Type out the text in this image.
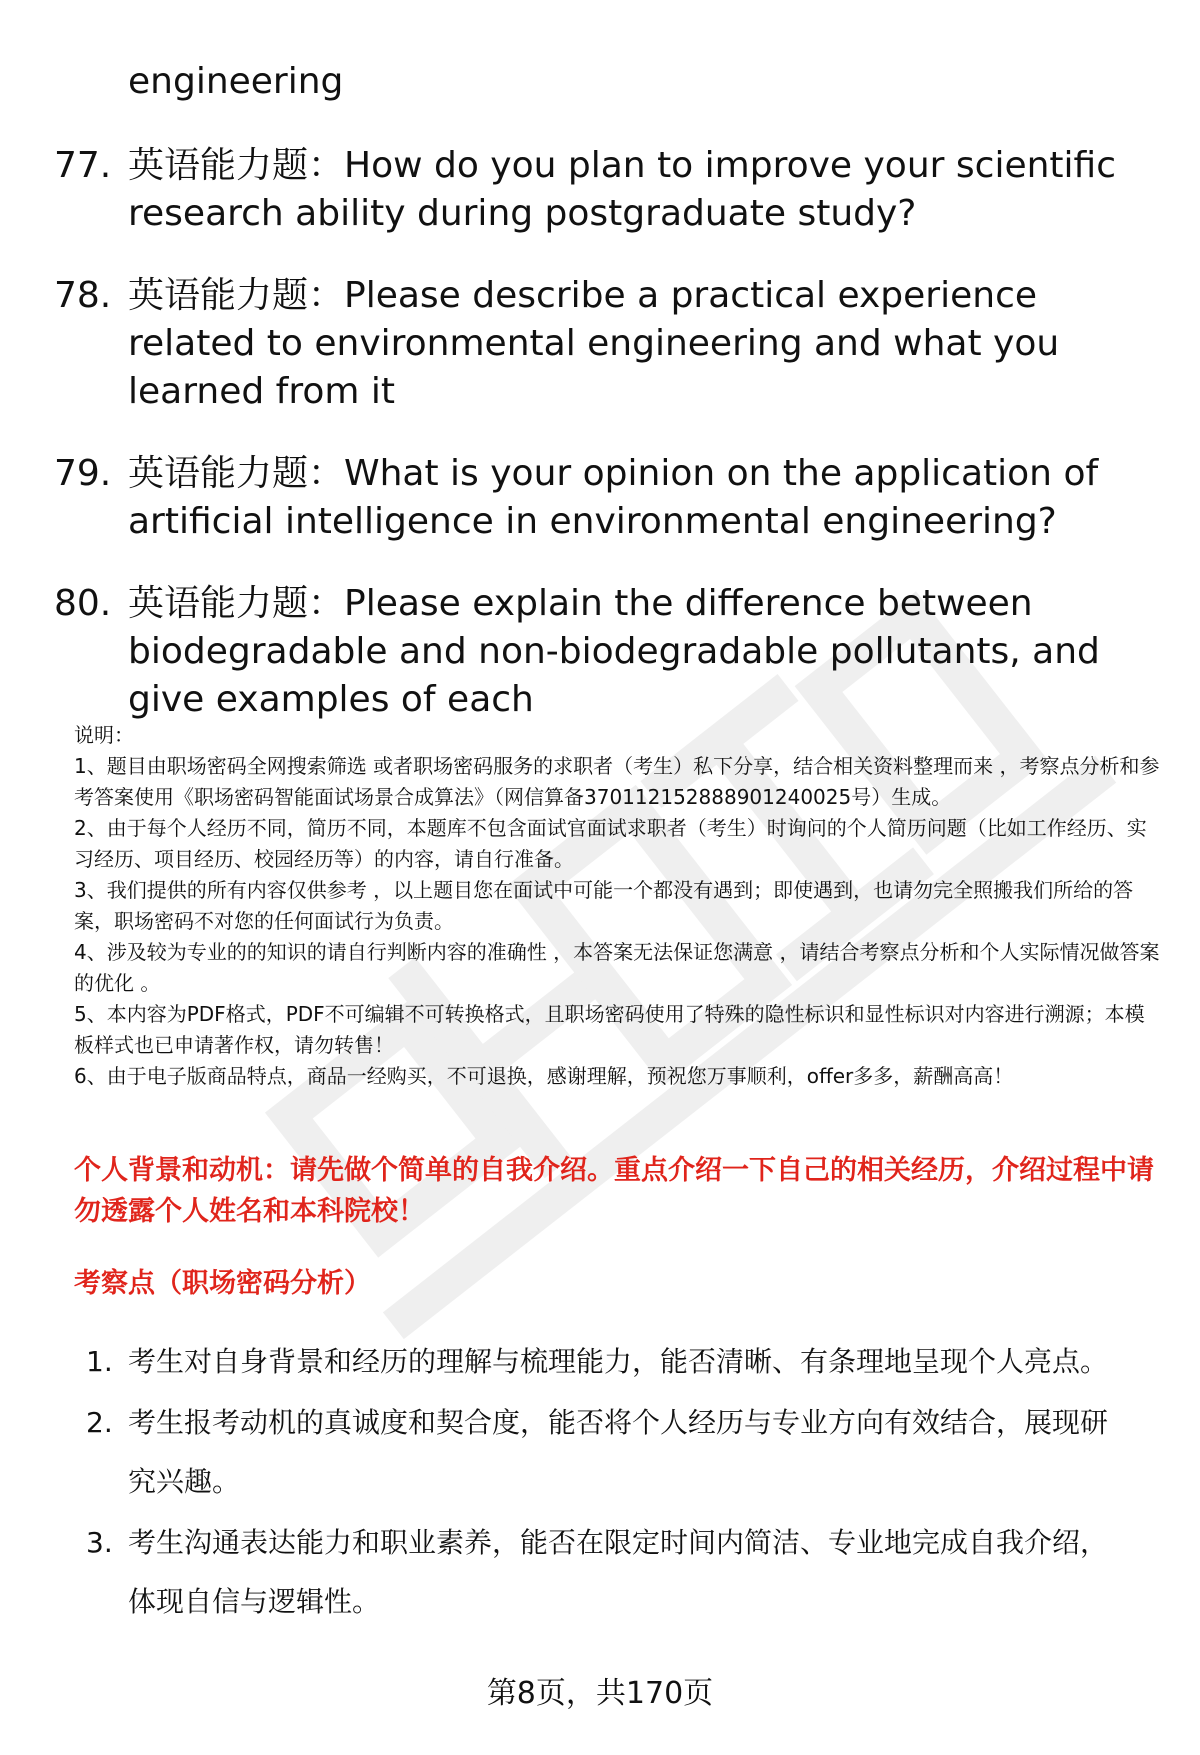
engineering
77. 英语能力题：How do you plan to improve your scientific research ability during postgraduate study?
78. 英语能力题：Please describe a practical experience related to environmental engineering and what you learned from it
79. 英语能力题：What is your opinion on the application of artificial intelligence in environmental engineering?
80. 英语能力题：Please explain the difference between biodegradable and non-biodegradable pollutants, and give examples of each

说明：

1、题目由职场密码全网搜索筛选 或者职场密码服务的求职者（考生）私下分享，结合相关资料整理而来 ，考察点分析和参考答案使用《职场密码智能面试场景合成算法》（网信算备370112152888901240025号）生成。

2、由于每个人经历不同，简历不同，本题库不包含面试官面试求职者（考生）时询问的个人简历问题（比如工作经历、实习经历、项目经历、校园经历等）的内容，请自行准备。

3、我们提供的所有内容仅供参考 ，以上题目您在面试中可能一个都没有遇到；即使遇到，也请勿完全照搬我们所给的答案，职场密码不对您的任何面试行为负责。

4、涉及较为专业的的知识的请自行判断内容的准确性 ，本答案无法保证您满意 ，请结合考察点分析和个人实际情况做答案的优化 。

5、本内容为PDF格式，PDF不可编辑不可转换格式，且职场密码使用了特殊的隐性标识和显性标识对内容进行溯源；本模板样式也已申请著作权，请勿转售！

6、由于电子版商品特点，商品一经购买，不可退换，感谢理解，预祝您万事顺利，offer多多，薪酬高高！

个人背景和动机：请先做个简单的自我介绍。重点介绍一下自己的相关经历，介绍过程中请勿透露个人姓名和本科院校！
考察点（职场密码分析）
1. 考生对自身背景和经历的理解与梳理能力，能否清晰、有条理地呈现个人亮点。
2. 考生报考动机的真诚度和契合度，能否将个人经历与专业方向有效结合，展现研究兴趣。
3. 考生沟通表达能力和职业素养，能否在限定时间内简洁、专业地完成自我介绍，体现自信与逻辑性。
第8页，共170页
